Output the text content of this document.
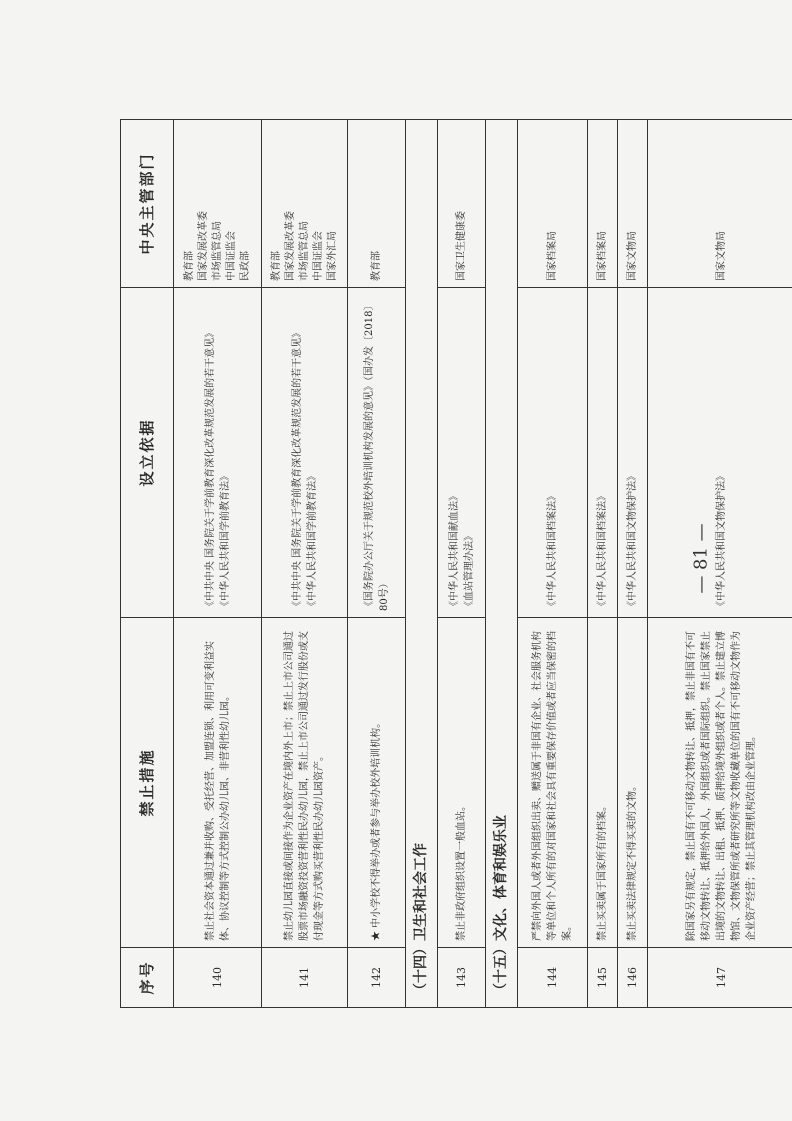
序号	禁止措施	设立依据	中央主管部门
140	禁止社会资本通过兼并收购、受托经营、加盟连锁、利用可变利益实体、协议控制等方式控制公办幼儿园、非营利性幼儿园。	《中共中央 国务院关于学前教育深化改革规范发展的若干意见》 《中华人民共和国学前教育法》	教育部 国家发展改革委 市场监管总局 中国证监会 民政部
141	禁止幼儿园直接或间接作为企业资产在境内外上市；禁止上市公司通过股票市场融资投资营利性民办幼儿园，禁止上市公司通过发行股份或支付现金等方式购买营利性民办幼儿园资产。	《中共中央 国务院关于学前教育深化改革规范发展的若干意见》 《中华人民共和国学前教育法》	教育部 国家发展改革委 市场监管总局 中国证监会 国家外汇局
142	★ 中小学校不得举办或者参与举办校外培训机构。	《国务院办公厅关于规范校外培训机构发展的意见》（国办发〔2018〕80号）	教育部
（十四）卫生和社会工作			
143	禁止非政府组织设置一般血站。	《中华人民共和国献血法》 《血站管理办法》	国家卫生健康委
（十五）文化、体育和娱乐业			
144	严禁向外国人或者外国组织出卖、赠送属于非国有企业、社会服务机构等单位和个人所有的对国家和社会具有重要保存价值或者应当保密的档案。	《中华人民共和国档案法》	国家档案局
145	禁止买卖属于国家所有的档案。	《中华人民共和国档案法》	国家档案局
146	禁止买卖法律规定不得买卖的文物。	《中华人民共和国文物保护法》	国家文物局
147	除国家另有规定，禁止国有不可移动文物转让、抵押，禁止非国有不可移动文物转让、抵押给外国人，外国组织或者国际组织。禁止国家禁止出境的文物转让、出租、抵押、质押给境外组织或者个人。禁止建立博物馆、文物保管所或者研究所等文物收藏单位的国有不可移动文物作为企业资产经营；禁止其管理机构改由企业管理。	《中华人民共和国文物保护法》	国家文物局
— 81 —
